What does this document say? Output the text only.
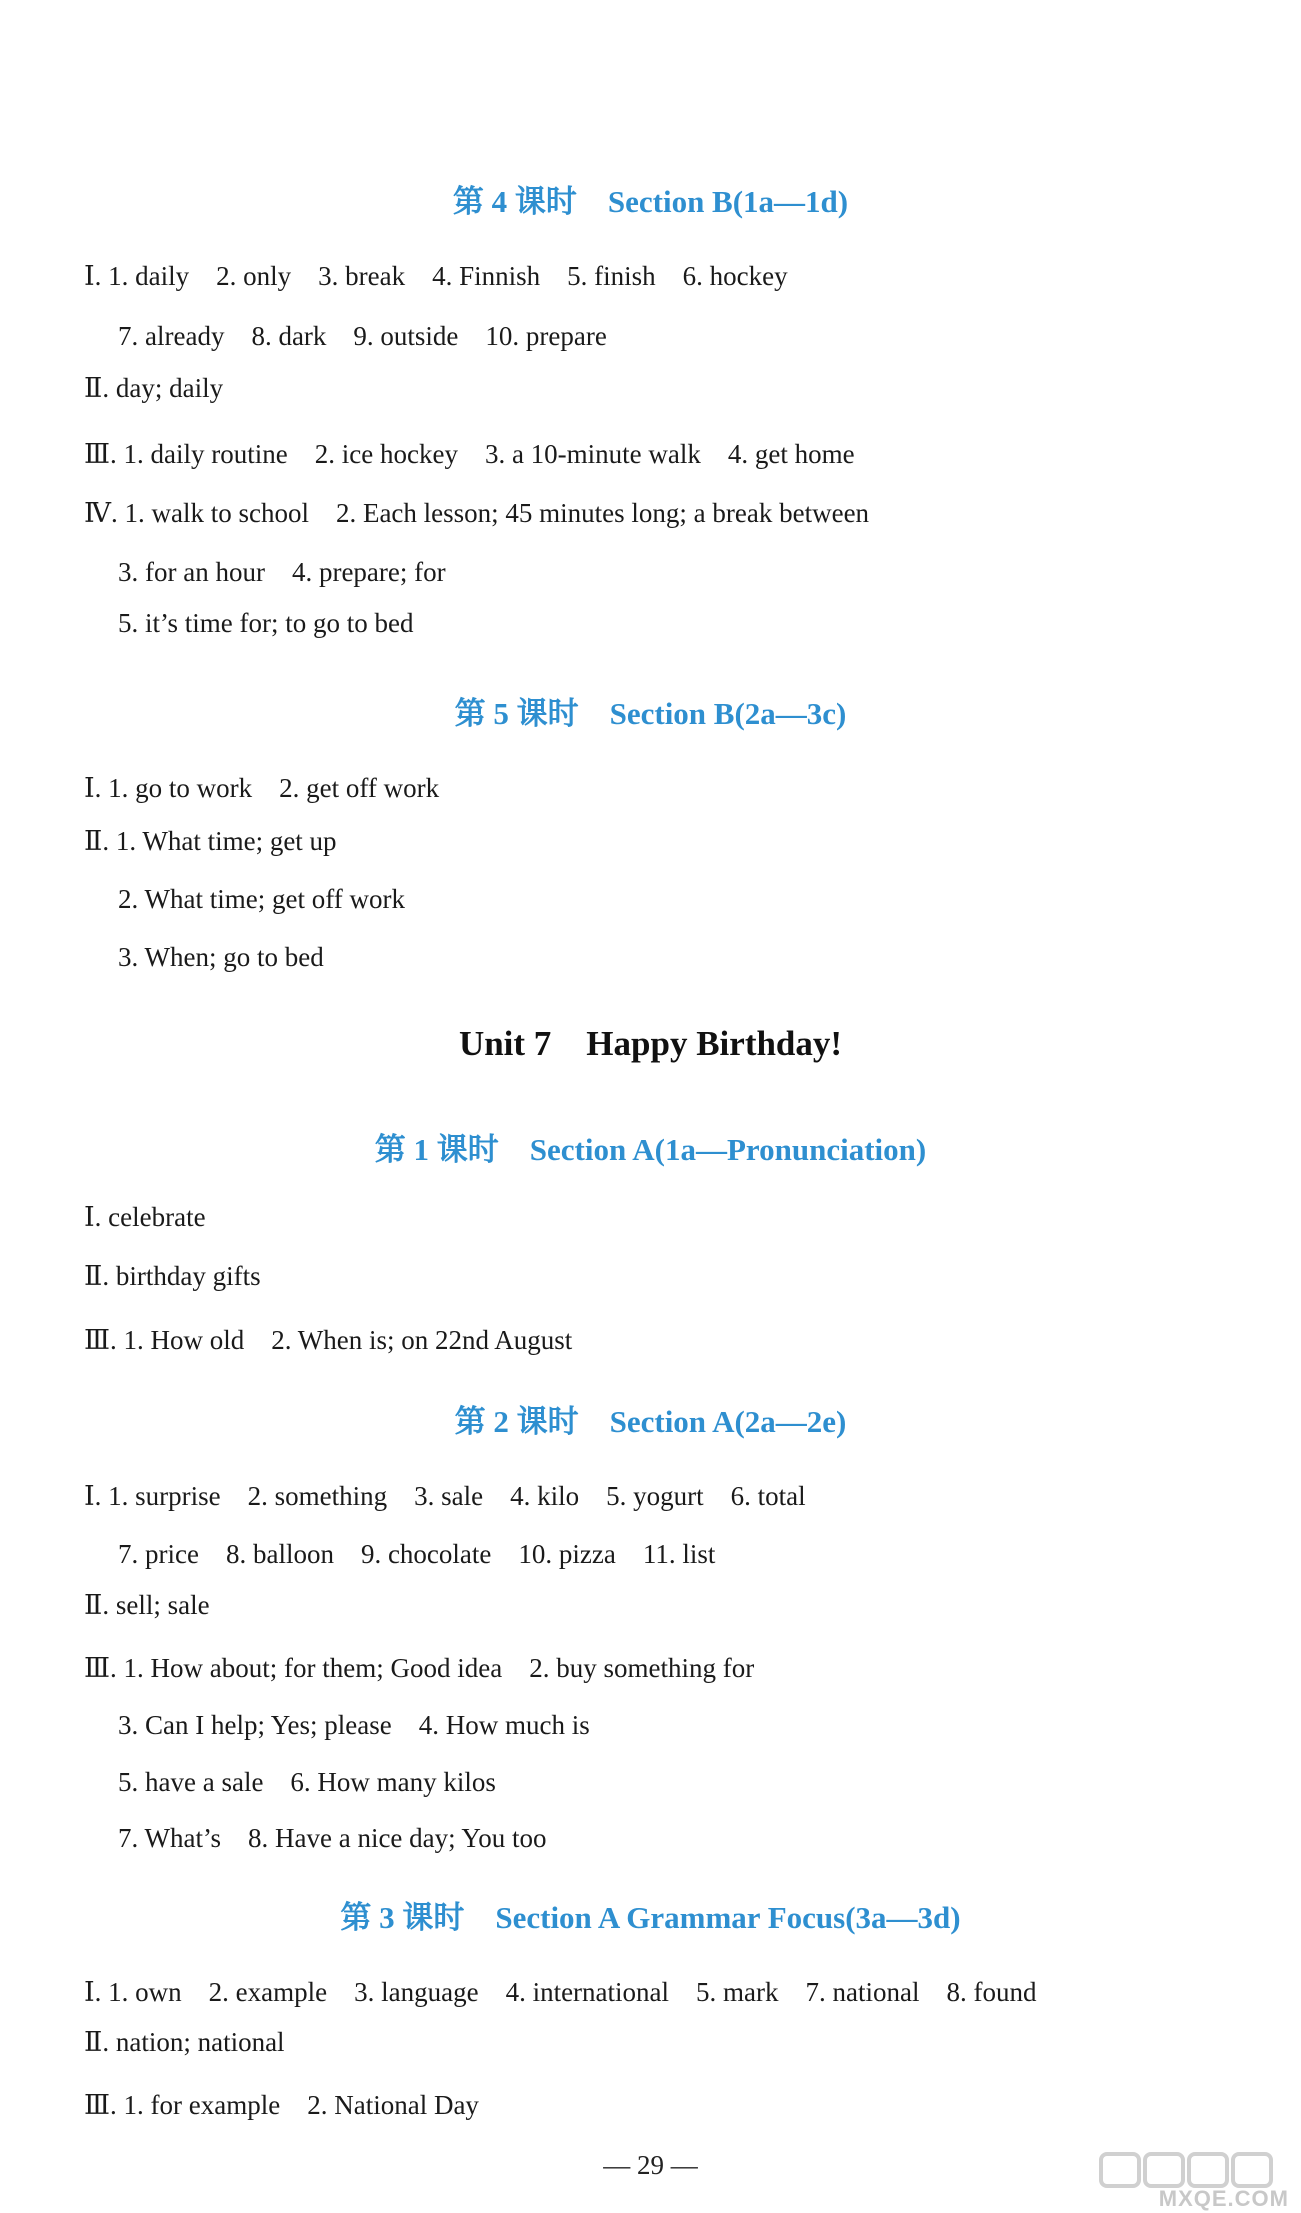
第 4 课时　Section B(1a—1d)
Ⅰ. 1. daily　2. only　3. break　4. Finnish　5. finish　6. hockey
7. already　8. dark　9. outside　10. prepare
Ⅱ. day; daily
Ⅲ. 1. daily routine　2. ice hockey　3. a 10-minute walk　4. get home
Ⅳ. 1. walk to school　2. Each lesson; 45 minutes long; a break between
3. for an hour　4. prepare; for
5. it’s time for; to go to bed
第 5 课时　Section B(2a—3c)
Ⅰ. 1. go to work　2. get off work
Ⅱ. 1. What time; get up
2. What time; get off work
3. When; go to bed
Unit 7　Happy Birthday!
第 1 课时　Section A(1a—Pronunciation)
Ⅰ. celebrate
Ⅱ. birthday gifts
Ⅲ. 1. How old　2. When is; on 22nd August
第 2 课时　Section A(2a—2e)
Ⅰ. 1. surprise　2. something　3. sale　4. kilo　5. yogurt　6. total
7. price　8. balloon　9. chocolate　10. pizza　11. list
Ⅱ. sell; sale
Ⅲ. 1. How about; for them; Good idea　2. buy something for
3. Can I help; Yes; please　4. How much is
5. have a sale　6. How many kilos
7. What’s　8. Have a nice day; You too
第 3 课时　Section A Grammar Focus(3a—3d)
Ⅰ. 1. own　2. example　3. language　4. international　5. mark　7. national　8. found
Ⅱ. nation; national
Ⅲ. 1. for example　2. National Day
— 29 —
MXQE.COM
